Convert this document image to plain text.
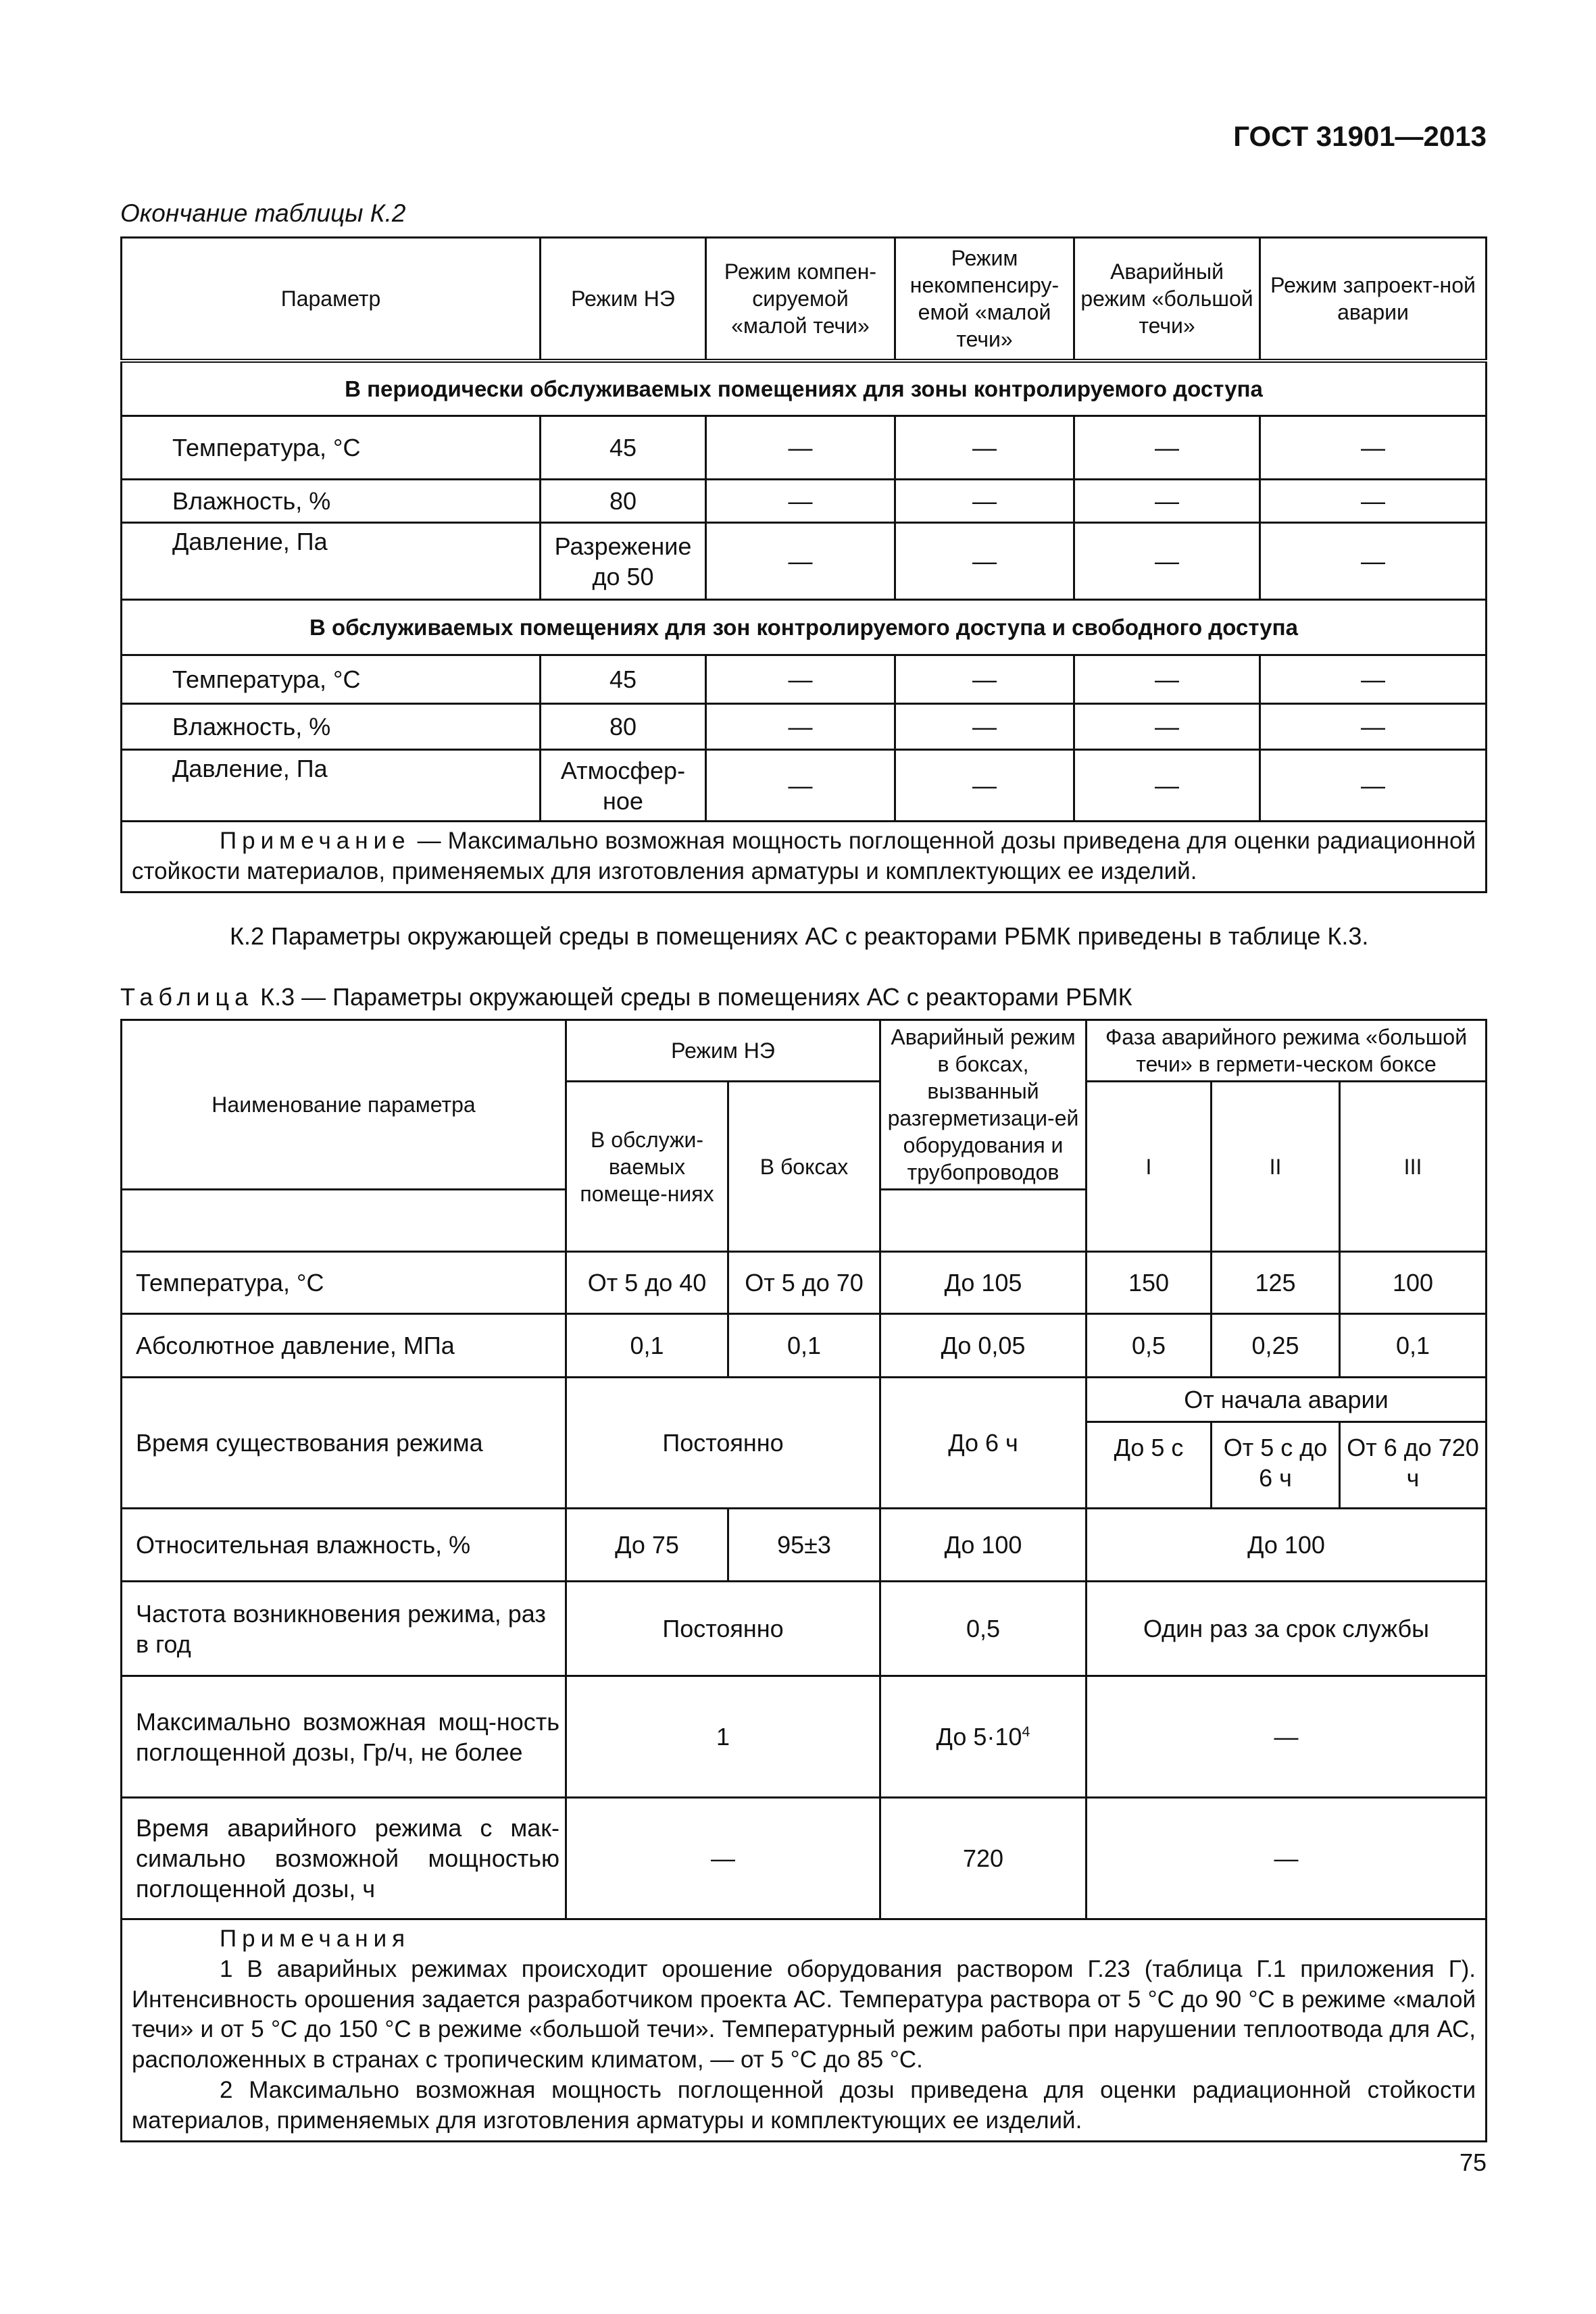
ГОСТ 31901—2013
Окончание таблицы К.2
Параметр	Режим НЭ	Режим компен-сируемой «малой течи»	Режим некомпенсиру-емой «малой течи»	Аварийный режим «большой течи»	Режим запроект-ной аварии
В периодически обслуживаемых помещениях для зоны контролируемого доступа					
Температура, °С	45	—	—	—	—
Влажность, %	80	—	—	—	—
Давление, Па	Разрежение до 50	—	—	—	—
В обслуживаемых помещениях для зон контролируемого доступа и свободного доступа					
Температура, °С	45	—	—	—	—
Влажность, %	80	—	—	—	—
Давление, Па	Атмосфер-ное	—	—	—	—
Примечание — Максимально возможная мощность поглощенной дозы приведена для оценки радиационной стойкости материалов, применяемых для изготовления арматуры и комплектующих ее изделий.					
К.2 Параметры окружающей среды в помещениях АС с реакторами РБМК приведены в таблице К.3.
Таблица К.3 — Параметры окружающей среды в помещениях АС с реакторами РБМК
Наименование параметра	Режим НЭ		Аварийный режим в боксах, вызванный разгерметизаци-ей оборудования и трубопроводов	Фаза аварийного режима «большой течи» в гермети-ческом боксе		
	В обслужи-ваемых помеще-ниях	В боксах		I	II	III

Температура, °С	От 5 до 40	От 5 до 70	До 105	150	125	100
Абсолютное давление, МПа	0,1	0,1	До 0,05	0,5	0,25	0,1
Время существования режима	Постоянно		До 6 ч	От начала аварии		
				До 5 с	От 5 с до 6 ч	От 6 до 720 ч
Относительная влажность, %	До 75	95±3	До 100	До 100		
Частота возникновения режима, раз в год	Постоянно		0,5	Один раз за срок службы		
Максимально возможная мощ-ность поглощенной дозы, Гр/ч, не более	1		До $5\cdot 10^4$	—		
Время аварийного режима с мак-симально возможной мощностью поглощенной дозы, ч	—		720	—		

Примечания
1 В аварийных режимах происходит орошение оборудования раствором Г.23 (таблица Г.1 приложения Г). Интенсивность орошения задается разработчиком проекта АС. Температура раствора от 5 °С до 90 °С в режиме «малой течи» и от 5 °С до 150 °С в режиме «большой течи». Температурный режим работы при нарушении теплоотвода для АС, расположенных в странах с тропическим климатом, — от 5 °С до 85 °С.
2 Максимально возможная мощность поглощенной дозы приведена для оценки радиационной стойкости материалов, применяемых для изготовления арматуры и комплектующих ее изделий.						
75
